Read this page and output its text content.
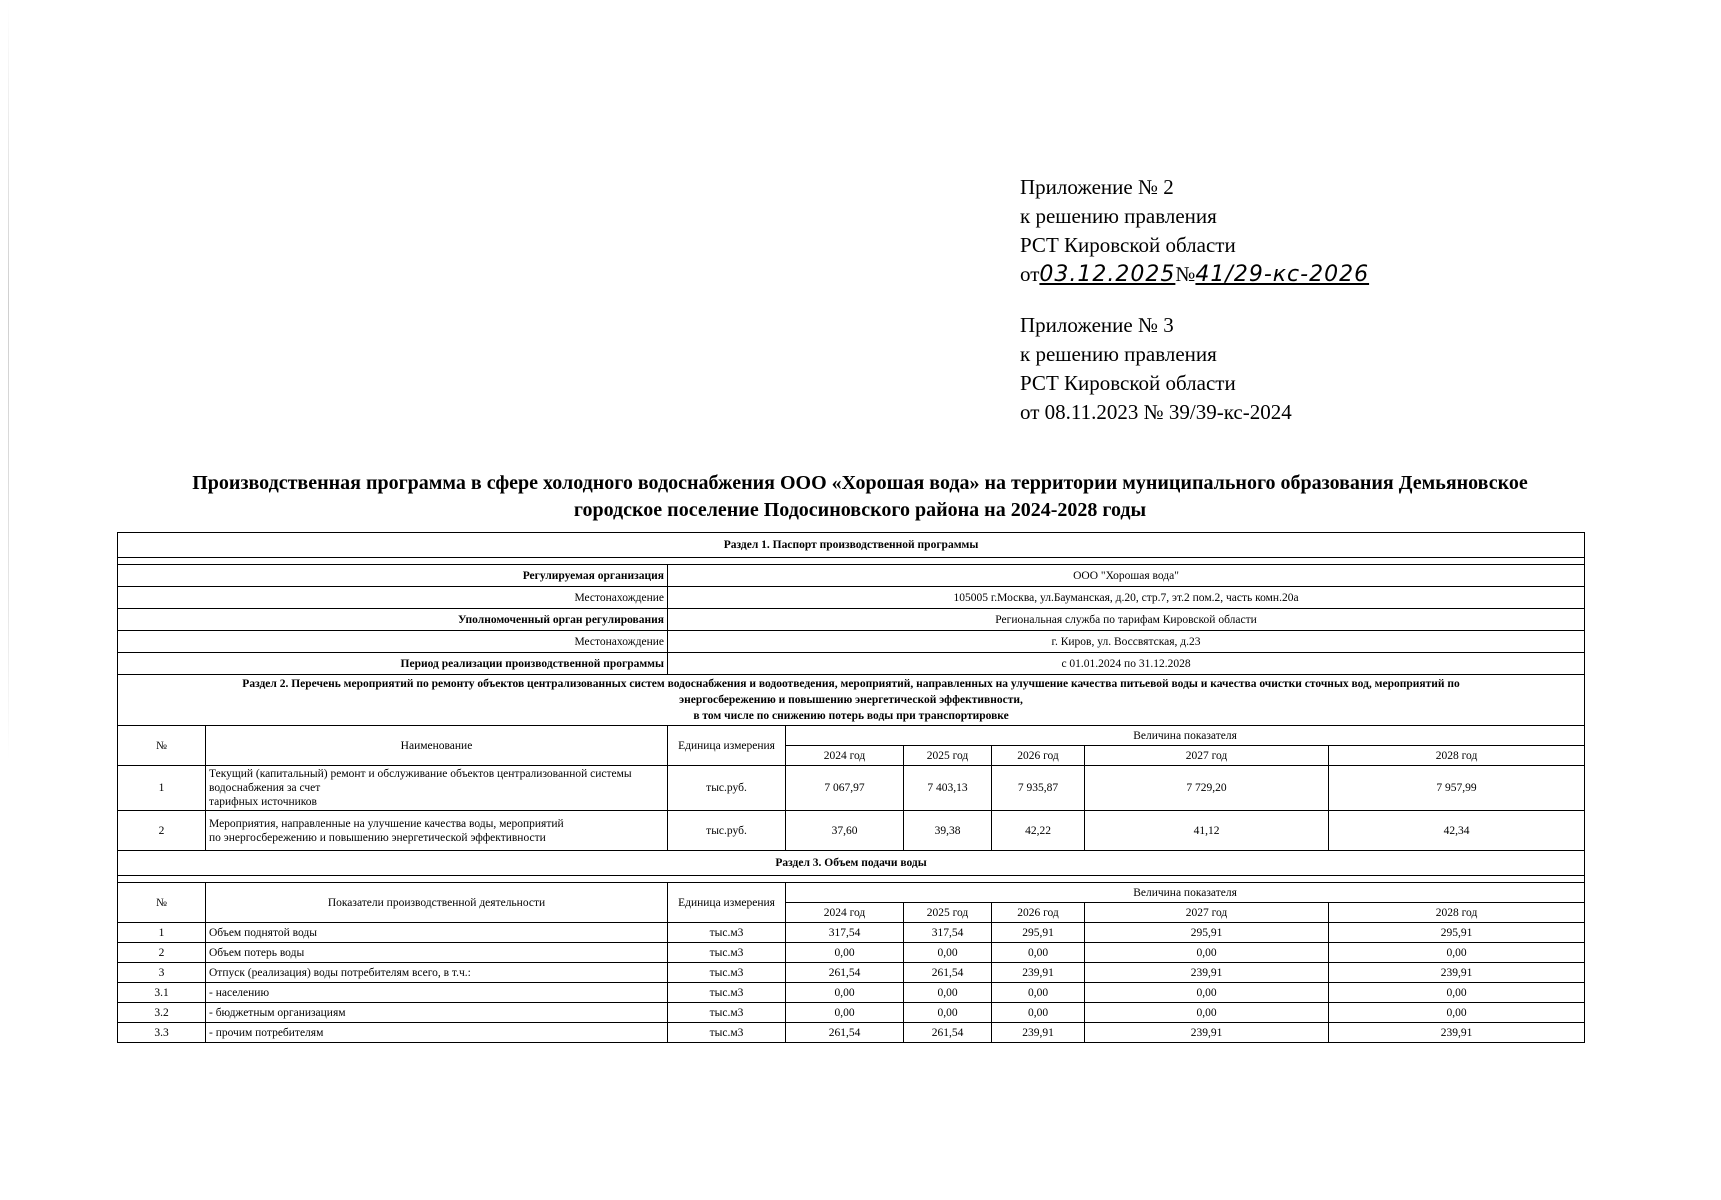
Приложение № 2
к решению правления
РСТ Кировской области
от03.12.2025№41/29-кс-2026
Приложение № 3
к решению правления
РСТ Кировской области
от 08.11.2023 № 39/39-кс-2024
Производственная программа в сфере холодного водоснабжения ООО «Хорошая вода» на территории муниципального образования Демьяновское
городское поселение Подосиновского района на 2024-2028 годы
Раздел 1. Паспорт производственной программы							

Регулируемая организация		ООО "Хорошая вода"					
Местонахождение		105005 г.Москва, ул.Бауманская, д.20, стр.7, эт.2 пом.2, часть комн.20а					
Уполномоченный орган регулирования		Региональная служба по тарифам Кировской области					
Местонахождение		г. Киров, ул. Воссвятская, д.23					
Период реализации производственной программы		с 01.01.2024 по 31.12.2028					

Раздел 2. Перечень мероприятий по ремонту объектов централизованных систем водоснабжения и водоотведения, мероприятий, направленных на улучшение качества питьевой воды и качества очистки сточных вод, мероприятий по
энергосбережению и повышению энергетической эффективности,
в том числе по снижению потерь воды при транспортировке							

№	Наименование	Единица измерения	Величина показателя				
			2024 год	2025 год	2026 год	2027 год	2028 год
1	Текущий (капитальный) ремонт и обслуживание объектов централизованной системы водоснабжения за счет
тарифных источников	тыс.руб.	7 067,97	7 403,13	7 935,87	7 729,20	7 957,99
2	Мероприятия, направленные на улучшение качества воды, мероприятий
по энергосбережению и повышению энергетической эффективности	тыс.руб.	37,60	39,38	42,22	41,12	42,34
Раздел 3. Объем подачи воды							

№	Показатели производственной деятельности	Единица измерения	Величина показателя				
			2024 год	2025 год	2026 год	2027 год	2028 год
1	Объем поднятой воды	тыс.м3	317,54	317,54	295,91	295,91	295,91
2	Объем потерь воды	тыс.м3	0,00	0,00	0,00	0,00	0,00
3	Отпуск (реализация) воды потребителям всего, в т.ч.:	тыс.м3	261,54	261,54	239,91	239,91	239,91
3.1	- населению	тыс.м3	0,00	0,00	0,00	0,00	0,00
3.2	- бюджетным организациям	тыс.м3	0,00	0,00	0,00	0,00	0,00
3.3	- прочим потребителям	тыс.м3	261,54	261,54	239,91	239,91	239,91
